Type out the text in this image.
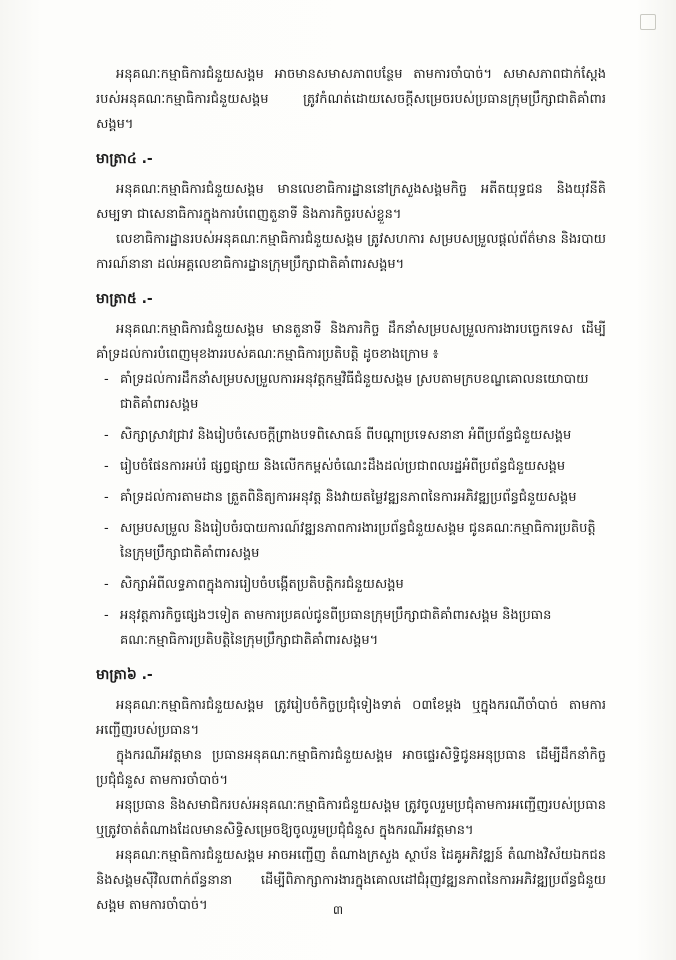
អនុគណៈកម្មាធិការជំនួយសង្គម អាចមានសមាសភាពបន្ថែម តាមការចាំបាច់។ សមាសភាពជាក់ស្តែងរបស់អនុគណៈកម្មាធិការជំនួយសង្គម ត្រូវកំណត់ដោយសេចក្តីសម្រេចរបស់ប្រធានក្រុមប្រឹក្សាជាតិគាំពារសង្គម។

មាត្រា៤ .-

អនុគណៈកម្មាធិការជំនួយសង្គម មានលេខាធិការដ្ឋាននៅក្រសួងសង្គមកិច្ច អតីតយុទ្ធជន និងយុវនីតិសម្បទា ជាសេនាធិការក្នុងការបំពេញតួនាទី និងភារកិច្ចរបស់ខ្លួន។

លេខាធិការដ្ឋានរបស់អនុគណៈកម្មាធិការជំនួយសង្គម ត្រូវសហការ សម្របសម្រួលផ្តល់ព័ត៌មាន និងរបាយការណ៍នានា ដល់អគ្គលេខាធិការដ្ឋានក្រុមប្រឹក្សាជាតិគាំពារសង្គម។

មាត្រា៥ .-

អនុគណៈកម្មាធិការជំនួយសង្គម មានតួនាទី និងភារកិច្ច ដឹកនាំសម្របសម្រួលការងារបច្ចេកទេស ដើម្បីគាំទ្រដល់ការបំពេញមុខងាររបស់គណៈកម្មាធិការប្រតិបត្តិ ដូចខាងក្រោម ៖

- គាំទ្រដល់ការដឹកនាំសម្របសម្រួលការអនុវត្តកម្មវិធីជំនួយសង្គម ស្របតាមក្របខណ្ឌគោលនយោបាយជាតិគាំពារសង្គម
- សិក្សាស្រាវជ្រាវ និងរៀបចំសេចក្តីព្រាងបទពិសោធន៍ ពីបណ្តាប្រទេសនានា អំពីប្រព័ន្ធជំនួយសង្គម
- រៀបចំផែនការអប់រំ ផ្សព្វផ្សាយ និងលើកកម្ពស់ចំណេះដឹងដល់ប្រជាពលរដ្ឋអំពីប្រព័ន្ធជំនួយសង្គម
- គាំទ្រដល់ការតាមដាន ត្រួតពិនិត្យការអនុវត្ត និងវាយតម្លៃវឌ្ឍនភាពនៃការអភិវឌ្ឍប្រព័ន្ធជំនួយសង្គម
- សម្របសម្រួល និងរៀបចំរបាយការណ៍វឌ្ឍនភាពការងារប្រព័ន្ធជំនួយសង្គម ជូនគណៈកម្មាធិការប្រតិបត្តិនៃក្រុមប្រឹក្សាជាតិគាំពារសង្គម
- សិក្សាអំពីលទ្ធភាពក្នុងការរៀបចំបង្កើតប្រតិបត្តិករជំនួយសង្គម
- អនុវត្តភារកិច្ចផ្សេងៗទៀត តាមការប្រគល់ជូនពីប្រធានក្រុមប្រឹក្សាជាតិគាំពារសង្គម និងប្រធានគណៈកម្មាធិការប្រតិបត្តិនៃក្រុមប្រឹក្សាជាតិគាំពារសង្គម។
មាត្រា៦ .-

អនុគណៈកម្មាធិការជំនួយសង្គម ត្រូវរៀបចំកិច្ចប្រជុំទៀងទាត់ ០៣ខែម្តង ឬក្នុងករណីចាំបាច់ តាមការអញ្ជើញរបស់ប្រធាន។

ក្នុងករណីអវត្តមាន ប្រធានអនុគណៈកម្មាធិការជំនួយសង្គម អាចផ្ទេរសិទ្ធិជូនអនុប្រធាន ដើម្បីដឹកនាំកិច្ចប្រជុំជំនួស តាមការចាំបាច់។

អនុប្រធាន និងសមាជិករបស់អនុគណៈកម្មាធិការជំនួយសង្គម ត្រូវចូលរួមប្រជុំតាមការអញ្ជើញរបស់ប្រធាន ឬត្រូវចាត់តំណាងដែលមានសិទ្ធិសម្រេចឱ្យចូលរួមប្រជុំជំនួស ក្នុងករណីអវត្តមាន។

អនុគណៈកម្មាធិការជំនួយសង្គម អាចអញ្ជើញ តំណាងក្រសួង ស្ថាប័ន ដៃគូអភិវឌ្ឍន៍ តំណាងវិស័យឯកជន និងសង្គមស៊ីវិលពាក់ព័ន្ធនានា ដើម្បីពិភាក្សាការងារក្នុងគោលដៅជំរុញវឌ្ឍនភាពនៃការអភិវឌ្ឍប្រព័ន្ធជំនួយសង្គម តាមការចាំបាច់។	៣
